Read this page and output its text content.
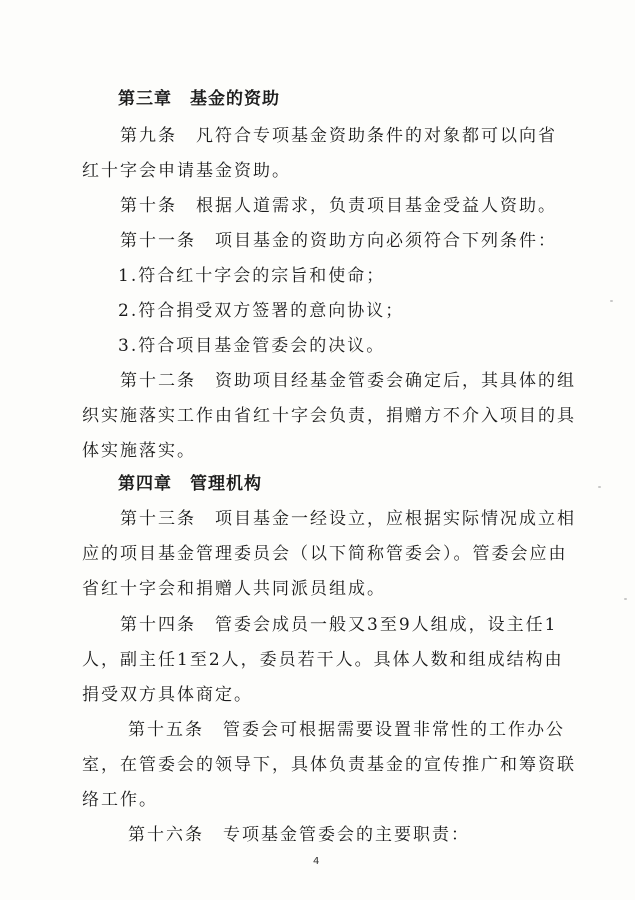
第三章　基金的资助
第九条　凡符合专项基金资助条件的对象都可以向省
红十字会申请基金资助。
第十条　根据人道需求，负责项目基金受益人资助。
第十一条　项目基金的资助方向必须符合下列条件：
1.符合红十字会的宗旨和使命；
2.符合捐受双方签署的意向协议；
3.符合项目基金管委会的决议。
第十二条　资助项目经基金管委会确定后，其具体的组
织实施落实工作由省红十字会负责，捐赠方不介入项目的具
体实施落实。
第四章　管理机构
第十三条　项目基金一经设立，应根据实际情况成立相
应的项目基金管理委员会（以下简称管委会）。管委会应由
省红十字会和捐赠人共同派员组成。
第十四条　管委会成员一般又3至9人组成，设主任1
人，副主任1至2人，委员若干人。具体人数和组成结构由
捐受双方具体商定。
第十五条　管委会可根据需要设置非常性的工作办公
室，在管委会的领导下，具体负责基金的宣传推广和筹资联
络工作。
第十六条　专项基金管委会的主要职责：
4
